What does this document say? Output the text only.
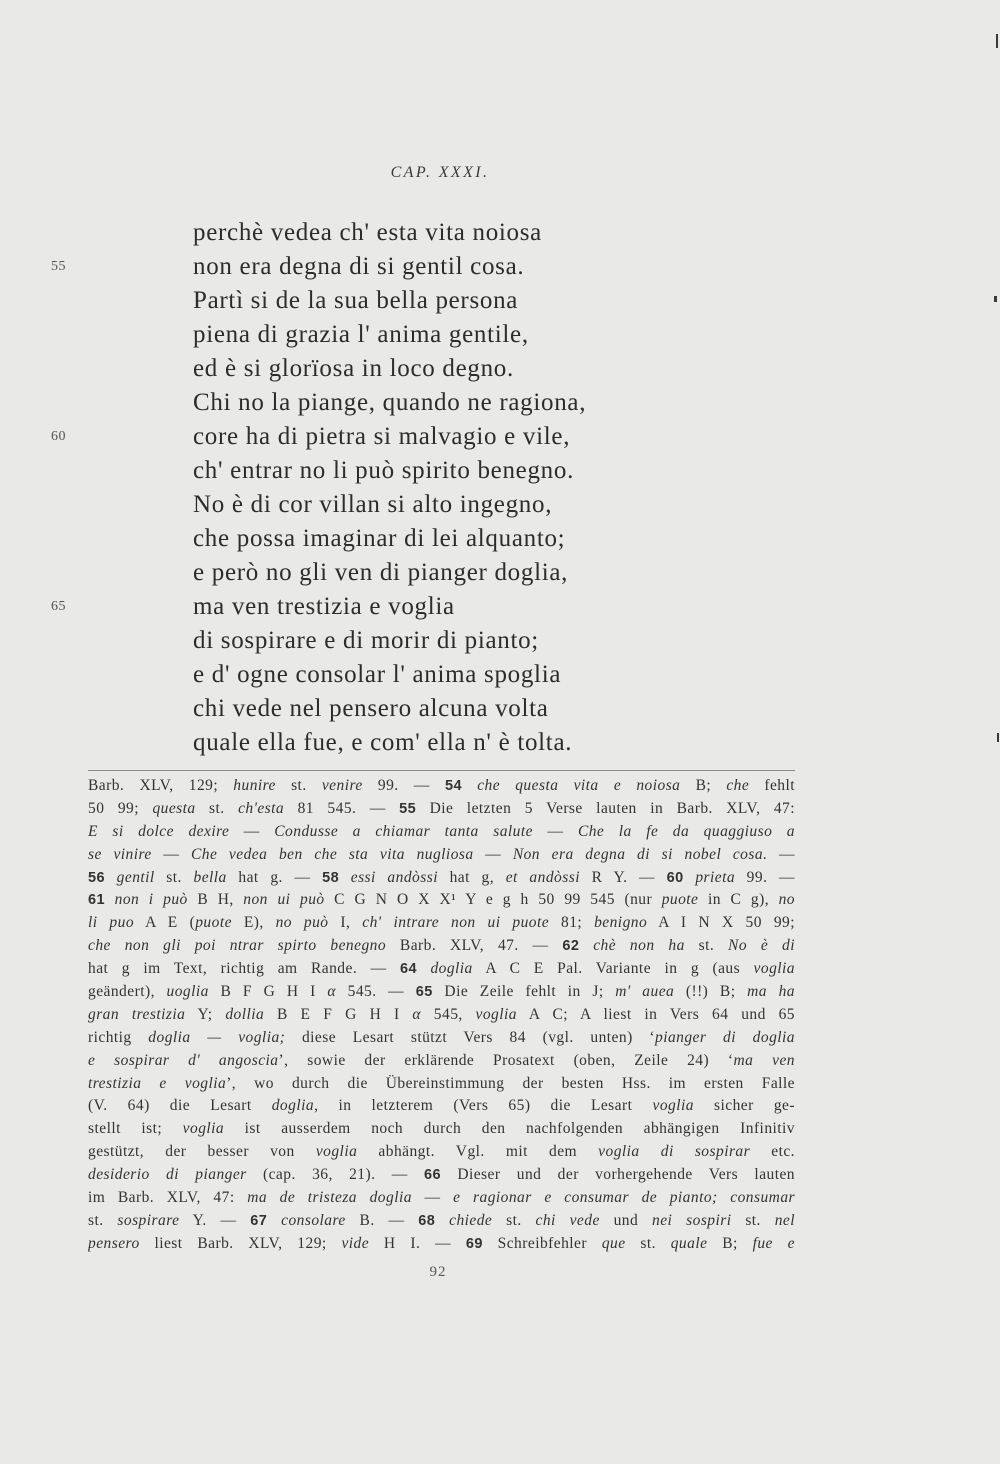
CAP. XXXI.
perchè vedea ch' esta vita noiosa
55	non era degna di si gentil cosa.
Partì si de la sua bella persona
piena di grazia l' anima gentile,
ed è si glorïosa in loco degno.
Chi no la piange, quando ne ragiona,
60	core ha di pietra si malvagio e vile,
ch' entrar no li può spirito benegno.
No è di cor villan si alto ingegno,
che possa imaginar di lei alquanto;
e però no gli ven di pianger doglia,
65	ma ven trestizia e voglia
di sospirare e di morir di pianto;
e d' ogne consolar l' anima spoglia
chi vede nel pensero alcuna volta
quale ella fue, e com' ella n' è tolta.
Barb. XLV, 129; hunire st. venire 99. — 54 che questa vita e noiosa B; che fehlt
50 99; questa st. ch'esta 81 545. — 55 Die letzten 5 Verse lauten in Barb. XLV, 47:
E si dolce dexire — Condusse a chiamar tanta salute — Che la fe da quaggiuso a
se vinire — Che vedea ben che sta vita nugliosa — Non era degna di si nobel cosa. —
56 gentil st. bella hat g. — 58 essi andòssi hat g, et andòssi R Y. — 60 prieta 99. —
61 non i può B H, non ui può C G N O X X¹ Y e g h 50 99 545 (nur puote in C g), no
li puo A E (puote E), no può I, ch' intrare non ui puote 81; benigno A I N X 50 99;
che non gli poi ntrar spirto benegno Barb. XLV, 47. — 62 chè non ha st. No è di
hat g im Text, richtig am Rande. — 64 doglia A C E Pal. Variante in g (aus voglia
geändert), uoglia B F G H I α 545. — 65 Die Zeile fehlt in J; m' auea (!!) B; ma ha
gran trestizia Y; dollia B E F G H I α 545, voglia A C; A liest in Vers 64 und 65
richtig doglia — voglia; diese Lesart stützt Vers 84 (vgl. unten) ‘pianger di doglia
e sospirar d' angoscia’, sowie der erklärende Prosatext (oben, Zeile 24) ‘ma ven
trestizia e voglia’, wo durch die Übereinstimmung der besten Hss. im ersten Falle
(V. 64) die Lesart doglia, in letzterem (Vers 65) die Lesart voglia sicher ge-
stellt ist; voglia ist ausserdem noch durch den nachfolgenden abhängigen Infinitiv
gestützt, der besser von voglia abhängt. Vgl. mit dem voglia di sospirar etc.
desiderio di pianger (cap. 36, 21). — 66 Dieser und der vorhergehende Vers lauten
im Barb. XLV, 47: ma de tristeza doglia — e ragionar e consumar de pianto; consumar
st. sospirare Y. — 67 consolare B. — 68 chiede st. chi vede und nei sospiri st. nel
pensero liest Barb. XLV, 129; vide H I. — 69 Schreibfehler que st. quale B; fue e
92
